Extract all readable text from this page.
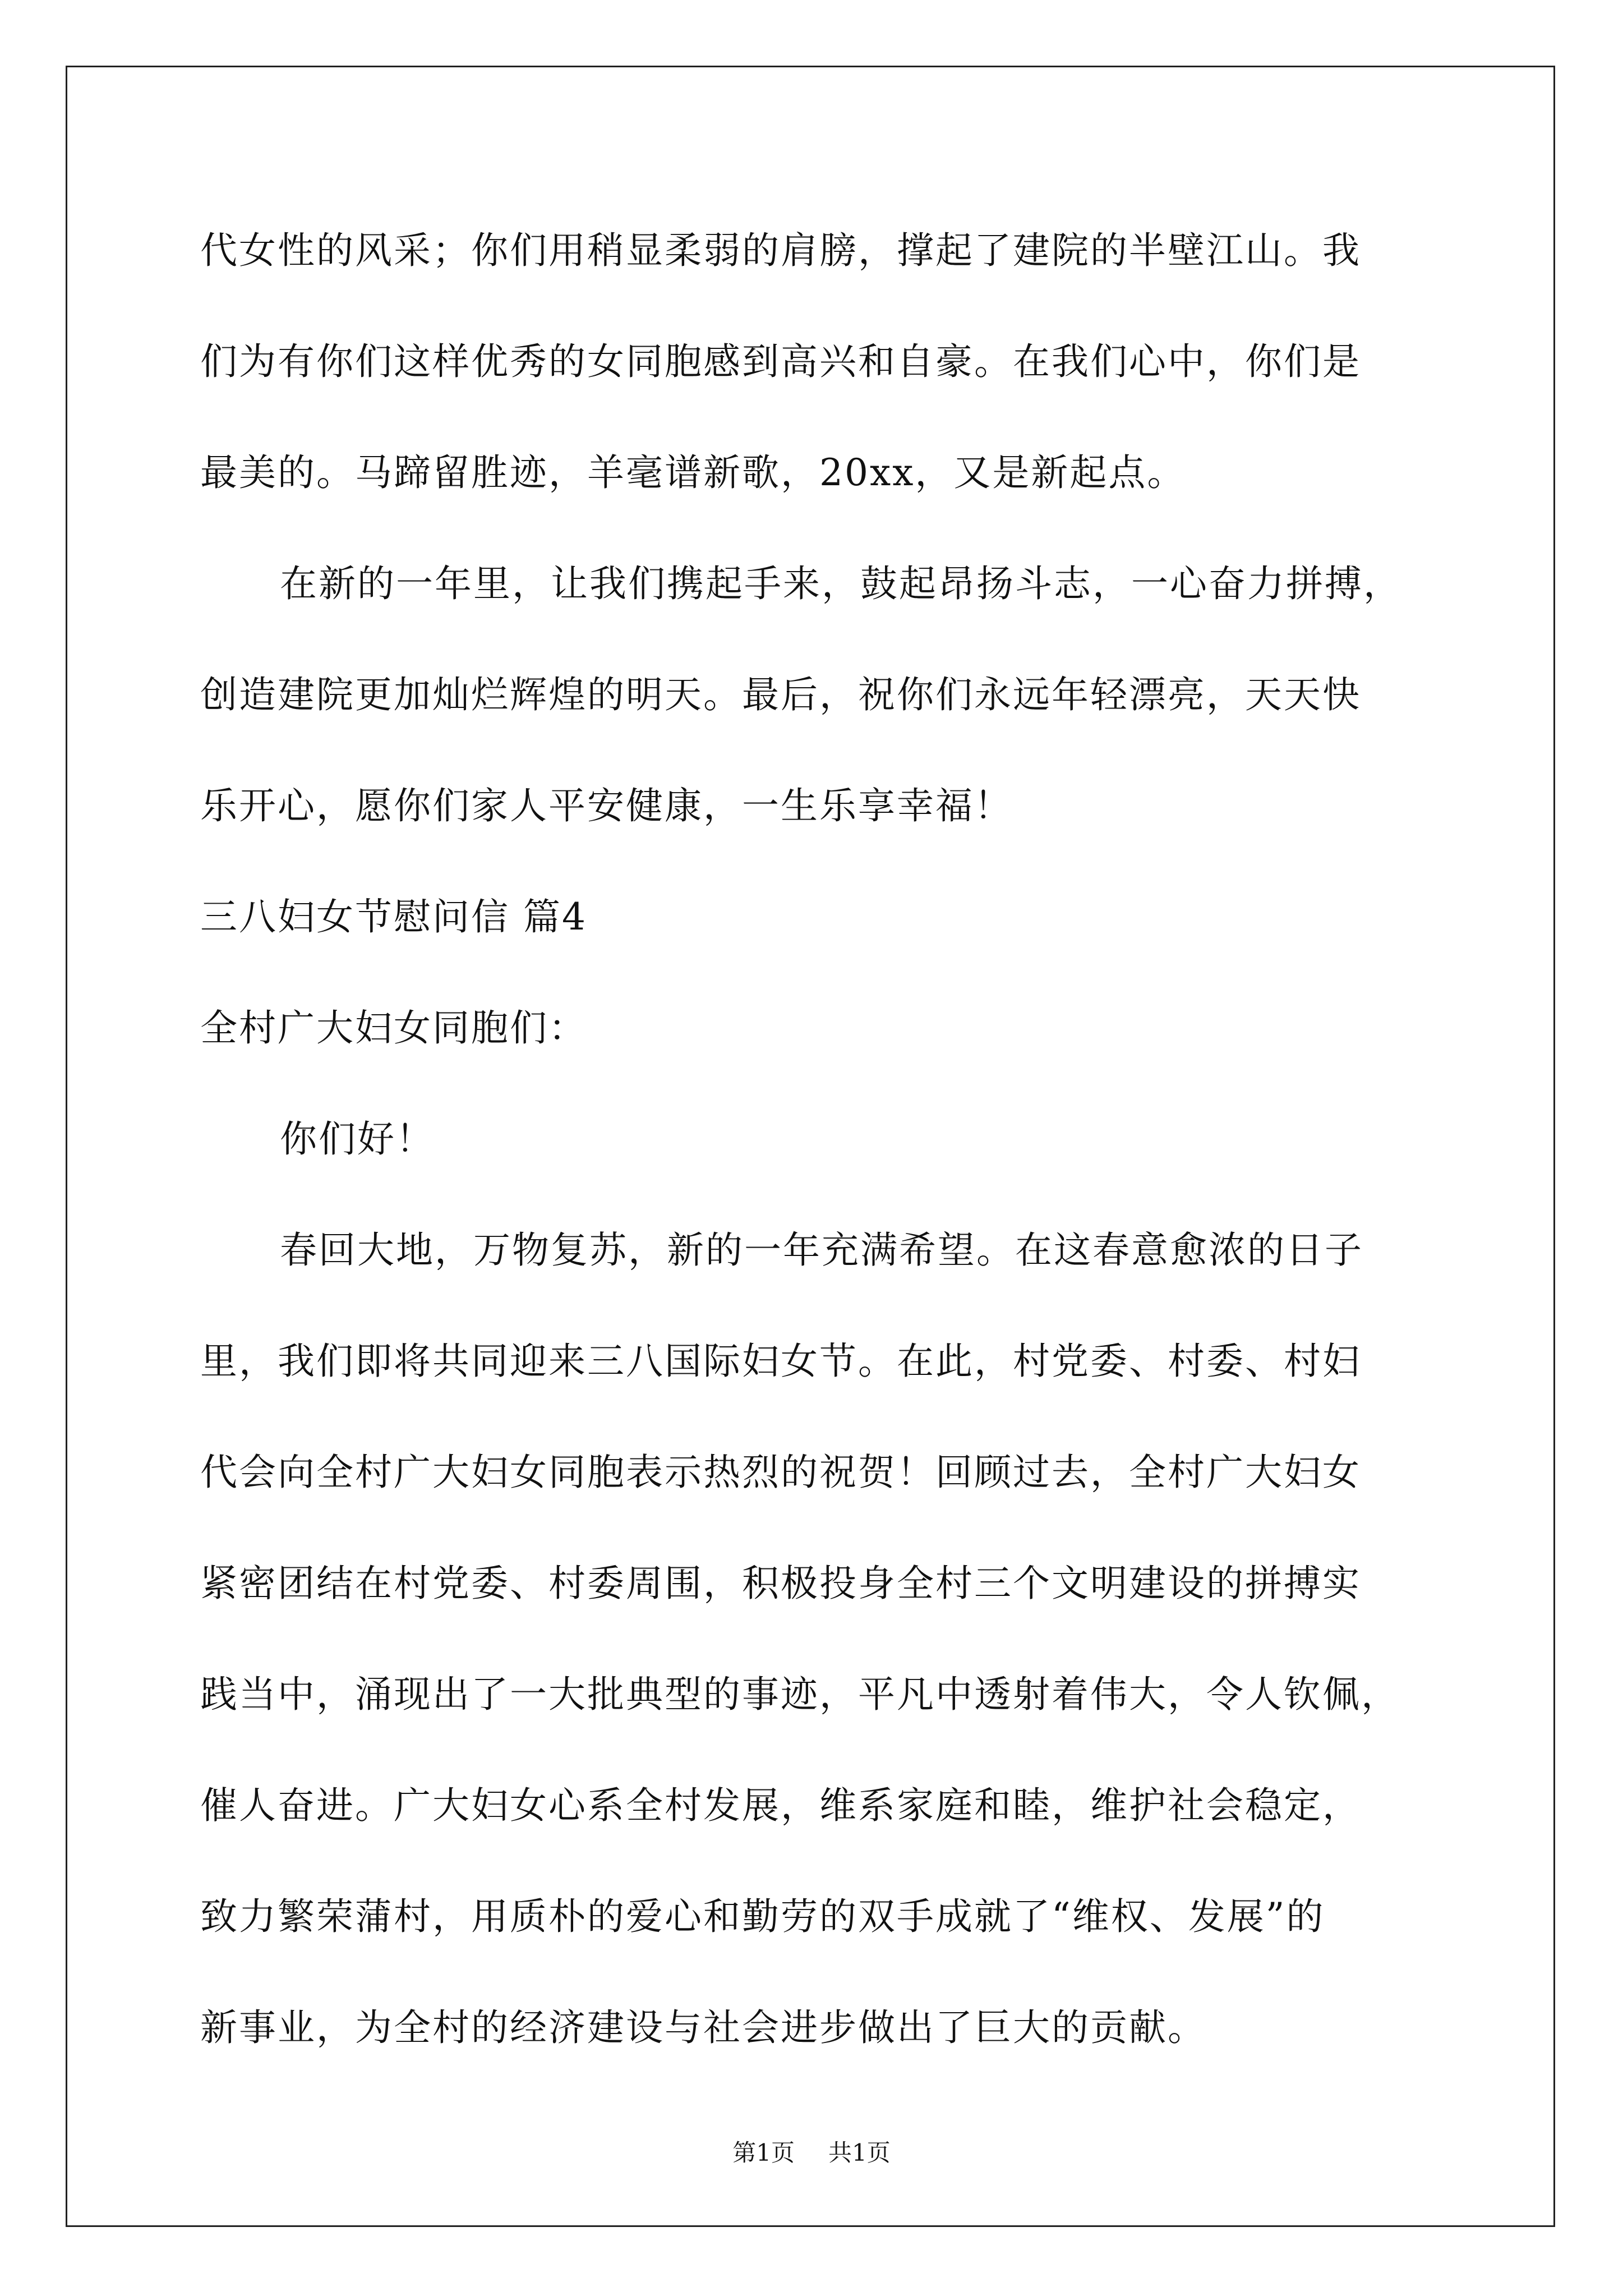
代女性的风采；你们用稍显柔弱的肩膀，撑起了建院的半壁江山。我
们为有你们这样优秀的女同胞感到高兴和自豪。在我们心中，你们是
最美的。马蹄留胜迹，羊毫谱新歌，20xx，又是新起点。
在新的一年里，让我们携起手来，鼓起昂扬斗志，一心奋力拼搏，
创造建院更加灿烂辉煌的明天。最后，祝你们永远年轻漂亮，天天快
乐开心，愿你们家人平安健康，一生乐享幸福！
三八妇女节慰问信 篇4
全村广大妇女同胞们：
你们好！
春回大地，万物复苏，新的一年充满希望。在这春意愈浓的日子
里，我们即将共同迎来三八国际妇女节。在此，村党委、村委、村妇
代会向全村广大妇女同胞表示热烈的祝贺！回顾过去，全村广大妇女
紧密团结在村党委、村委周围，积极投身全村三个文明建设的拼搏实
践当中，涌现出了一大批典型的事迹，平凡中透射着伟大，令人钦佩，
催人奋进。广大妇女心系全村发展，维系家庭和睦，维护社会稳定，
致力繁荣蒲村，用质朴的爱心和勤劳的双手成就了“维权、发展”的
新事业，为全村的经济建设与社会进步做出了巨大的贡献。
第1页 共1页
